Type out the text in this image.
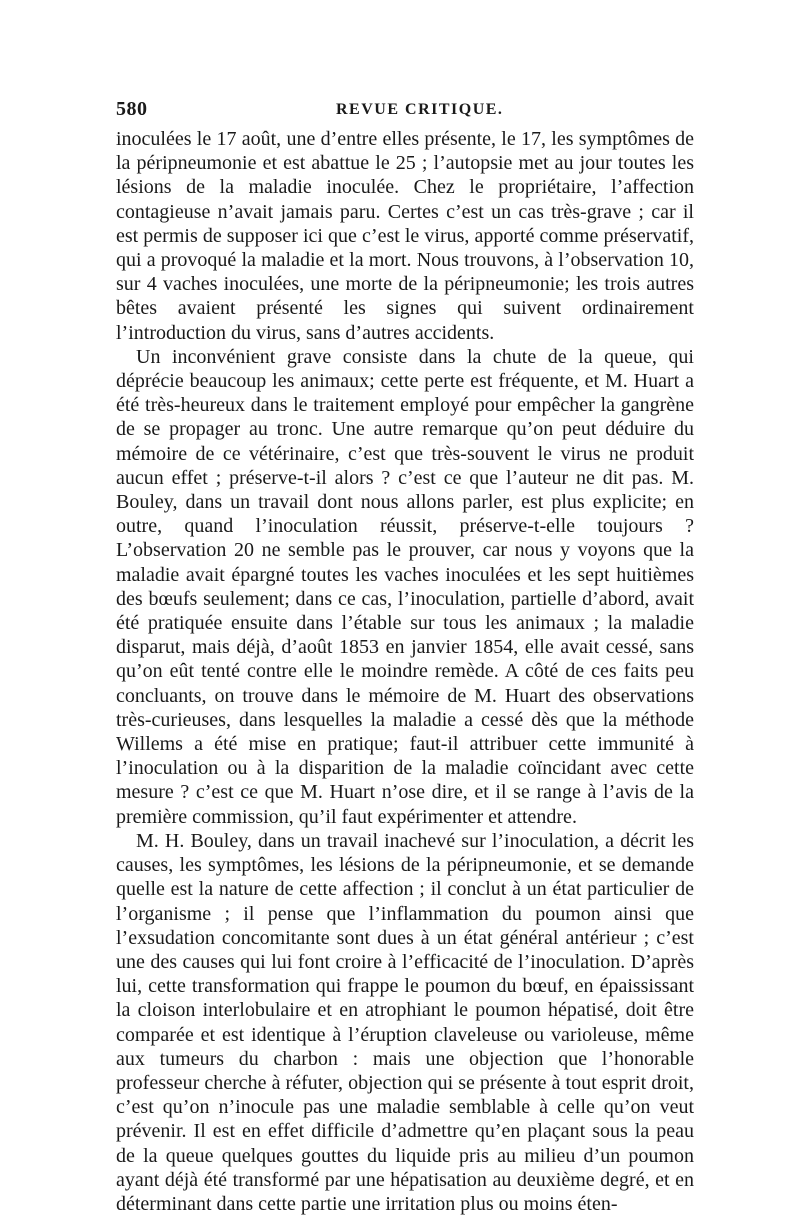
580	REVUE CRITIQUE.

inoculées le 17 août, une d’entre elles présente, le 17, les symptômes de la péripneumonie et est abattue le 25 ; l’autopsie met au jour toutes les lésions de la maladie inoculée. Chez le propriétaire, l’affection contagieuse n’avait jamais paru. Certes c’est un cas très-grave ; car il est permis de supposer ici que c’est le virus, apporté comme préservatif, qui a provoqué la maladie et la mort. Nous trouvons, à l’observation 10, sur 4 vaches inoculées, une morte de la péripneumonie; les trois autres bêtes avaient présenté les signes qui suivent ordinairement l’introduction du virus, sans d’autres accidents.

Un inconvénient grave consiste dans la chute de la queue, qui déprécie beaucoup les animaux; cette perte est fréquente, et M. Huart a été très-heureux dans le traitement employé pour empêcher la gangrène de se propager au tronc. Une autre remarque qu’on peut déduire du mémoire de ce vétérinaire, c’est que très-souvent le virus ne produit aucun effet ; préserve-t-il alors ? c’est ce que l’auteur ne dit pas. M. Bouley, dans un travail dont nous allons parler, est plus explicite; en outre, quand l’inoculation réussit, préserve-t-elle toujours ? L’observation 20 ne semble pas le prouver, car nous y voyons que la maladie avait épargné toutes les vaches inoculées et les sept huitièmes des bœufs seulement; dans ce cas, l’inoculation, partielle d’abord, avait été pratiquée ensuite dans l’étable sur tous les animaux ; la maladie disparut, mais déjà, d’août 1853 en janvier 1854, elle avait cessé, sans qu’on eût tenté contre elle le moindre remède. A côté de ces faits peu concluants, on trouve dans le mémoire de M. Huart des observations très-curieuses, dans lesquelles la maladie a cessé dès que la méthode Willems a été mise en pratique; faut-il attribuer cette immunité à l’inoculation ou à la disparition de la maladie coïncidant avec cette mesure ? c’est ce que M. Huart n’ose dire, et il se range à l’avis de la première commission, qu’il faut expérimenter et attendre.

M. H. Bouley, dans un travail inachevé sur l’inoculation, a décrit les causes, les symptômes, les lésions de la péripneumonie, et se demande quelle est la nature de cette affection ; il conclut à un état particulier de l’organisme ; il pense que l’inflammation du poumon ainsi que l’exsudation concomitante sont dues à un état général antérieur ; c’est une des causes qui lui font croire à l’efficacité de l’inoculation. D’après lui, cette transformation qui frappe le poumon du bœuf, en épaississant la cloison interlobulaire et en atrophiant le poumon hépatisé, doit être comparée et est identique à l’éruption claveleuse ou varioleuse, même aux tumeurs du charbon : mais une objection que l’honorable professeur cherche à réfuter, objection qui se présente à tout esprit droit, c’est qu’on n’inocule pas une maladie semblable à celle qu’on veut prévenir. Il est en effet difficile d’admettre qu’en plaçant sous la peau de la queue quelques gouttes du liquide pris au milieu d’un poumon ayant déjà été transformé par une hépatisation au deuxième degré, et en déterminant dans cette partie une irritation plus ou moins éten-
